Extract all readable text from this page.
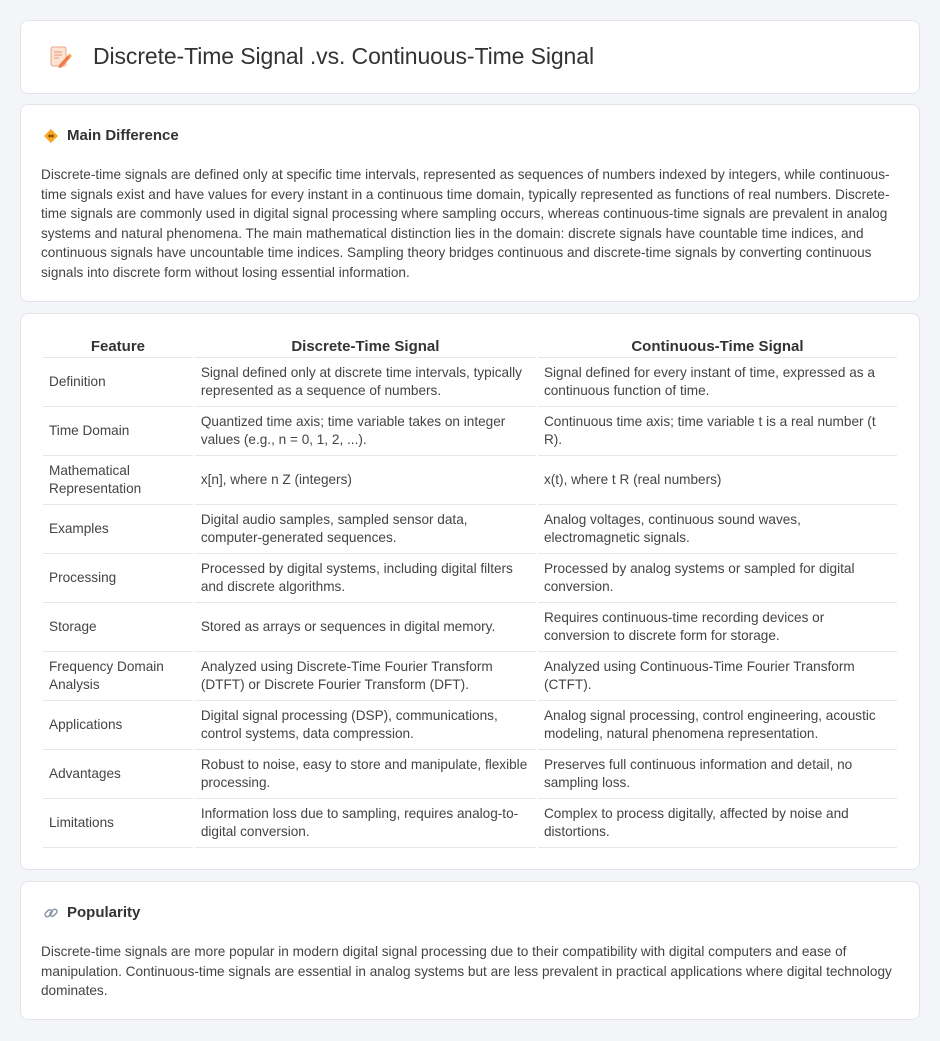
Discrete-Time Signal .vs. Continuous-Time Signal
Main Difference

Discrete-time signals are defined only at specific time intervals, represented as sequences of numbers indexed by integers, while continuous-time signals exist and have values for every instant in a continuous time domain, typically represented as functions of real numbers. Discrete-time signals are commonly used in digital signal processing where sampling occurs, whereas continuous-time signals are prevalent in analog systems and natural phenomena. The main mathematical distinction lies in the domain: discrete signals have countable time indices, and continuous signals have uncountable time indices. Sampling theory bridges continuous and discrete-time signals by converting continuous signals into discrete form without losing essential information.

Feature	Discrete-Time Signal	Continuous-Time Signal
Definition	Signal defined only at discrete time intervals, typically represented as a sequence of numbers.	Signal defined for every instant of time, expressed as a continuous function of time.
Time Domain	Quantized time axis; time variable takes on integer values (e.g., n = 0, 1, 2, ...).	Continuous time axis; time variable t is a real number (t R).
Mathematical Representation	x[n], where n Z (integers)	x(t), where t R (real numbers)
Examples	Digital audio samples, sampled sensor data, computer-generated sequences.	Analog voltages, continuous sound waves, electromagnetic signals.
Processing	Processed by digital systems, including digital filters and discrete algorithms.	Processed by analog systems or sampled for digital conversion.
Storage	Stored as arrays or sequences in digital memory.	Requires continuous-time recording devices or conversion to discrete form for storage.
Frequency Domain Analysis	Analyzed using Discrete-Time Fourier Transform (DTFT) or Discrete Fourier Transform (DFT).	Analyzed using Continuous-Time Fourier Transform (CTFT).
Applications	Digital signal processing (DSP), communications, control systems, data compression.	Analog signal processing, control engineering, acoustic modeling, natural phenomena representation.
Advantages	Robust to noise, easy to store and manipulate, flexible processing.	Preserves full continuous information and detail, no sampling loss.
Limitations	Information loss due to sampling, requires analog-to-digital conversion.	Complex to process digitally, affected by noise and distortions.
Popularity

Discrete-time signals are more popular in modern digital signal processing due to their compatibility with digital computers and ease of manipulation. Continuous-time signals are essential in analog systems but are less prevalent in practical applications where digital technology dominates.
